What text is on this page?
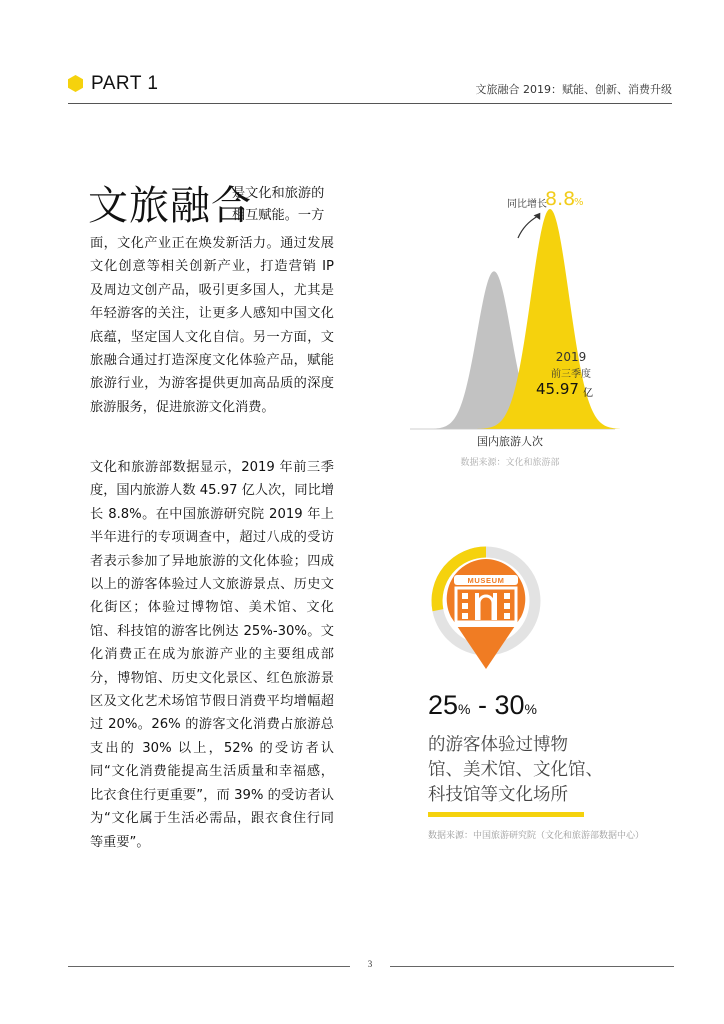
PART 1	文旅融合 2019：赋能、创新、消费升级
文旅融合
是文化和旅游的
相互赋能。一方
面，文化产业正在焕发新活力。通过发展文化创意等相关创新产业，打造营销 IP 及周边文创产品，吸引更多国人，尤其是年轻游客的关注，让更多人感知中国文化底蕴，坚定国人文化自信。另一方面，文旅融合通过打造深度文化体验产品，赋能旅游行业，为游客提供更加高品质的深度旅游服务，促进旅游文化消费。
文化和旅游部数据显示，2019 年前三季度，国内旅游人数 45.97 亿人次，同比增长 8.8%。在中国旅游研究院 2019 年上半年进行的专项调查中，超过八成的受访者表示参加了异地旅游的文化体验；四成以上的游客体验过人文旅游景点、历史文化街区；体验过博物馆、美术馆、文化馆、科技馆的游客比例达 25%-30%。文化消费正在成为旅游产业的主要组成部分，博物馆、历史文化景区、红色旅游景区及文化艺术场馆节假日消费平均增幅超过 20%。26% 的游客文化消费占旅游总支出的 30% 以上，52% 的受访者认同“文化消费能提高生活质量和幸福感，比衣食住行更重要”，而 39% 的受访者认为“文化属于生活必需品，跟衣食住行同等重要”。
同比增长
8.8
%
2019
前三季度
45.97 亿
国内旅游人次
数据来源：文化和旅游部
MUSEUM
25% - 30%
的游客体验过博物
馆、美术馆、文化馆、
科技馆等文化场所
数据来源：中国旅游研究院（文化和旅游部数据中心）
3
